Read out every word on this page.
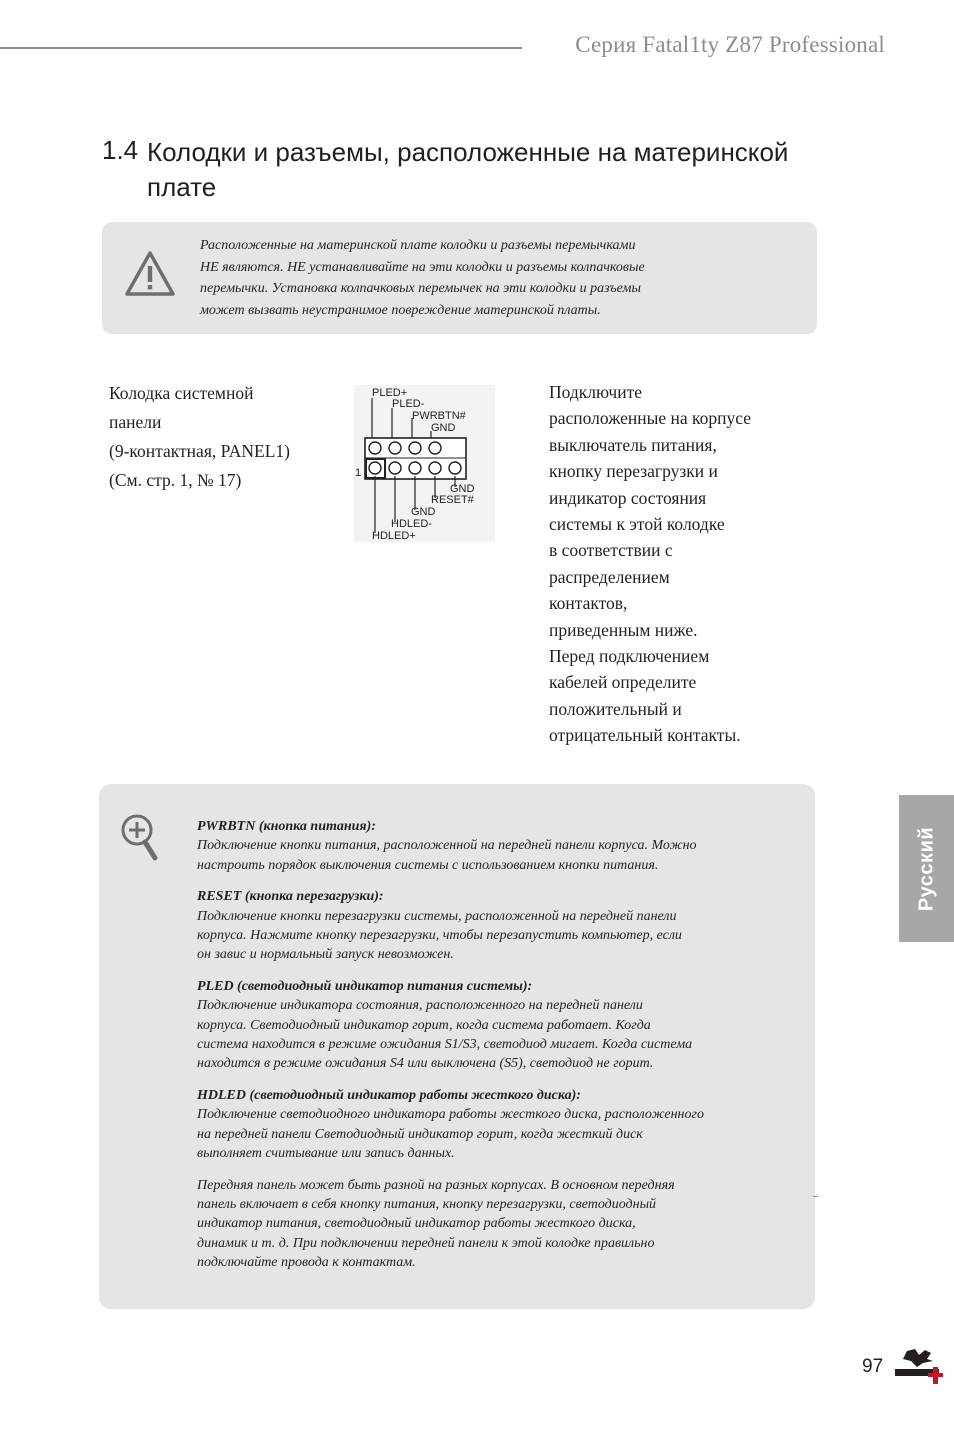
Серия Fatal1ty Z87 Professional
1.4 Колодки и разъемы, расположенные на материнской плате
Расположенные на материнской плате колодки и разъемы перемычками
НЕ являются. НЕ устанавливайте на эти колодки и разъемы колпачковые
перемычки. Установка колпачковых перемычек на эти колодки и разъемы
может вызвать неустранимое повреждение материнской платы.
Колодка системной
панели
(9-контактная, PANEL1)
(См. стр. 1, № 17)
PLED+
PLED-
PWRBTN#
GND
GND
RESET#
GND
HDLED-
HDLED+
1
Подключите
расположенные на корпусе
выключатель питания,
кнопку перезагрузки и
индикатор состояния
системы к этой колодке
в соответствии с
распределением
контактов,
приведенным ниже.
Перед подключением
кабелей определите
положительный и
отрицательный контакты.
Русский
PWRBTN (кнопка питания):
Подключение кнопки питания, расположенной на передней панели корпуса. Можно
настроить порядок выключения системы с использованием кнопки питания.
RESET (кнопка перезагрузки):
Подключение кнопки перезагрузки системы, расположенной на передней панели
корпуса. Нажмите кнопку перезагрузки, чтобы перезапустить компьютер, если
он завис и нормальный запуск невозможен.
PLED (светодиодный индикатор питания системы):
Подключение индикатора состояния, расположенного на передней панели
корпуса. Светодиодный индикатор горит, когда система работает. Когда
система находится в режиме ожидания S1/S3, светодиод мигает. Когда система
находится в режиме ожидания S4 или выключена (S5), светодиод не горит.
HDLED (светодиодный индикатор работы жесткого диска):
Подключение светодиодного индикатора работы жесткого диска, расположенного
на передней панели Светодиодный индикатор горит, когда жесткий диск
выполняет считывание или запись данных.
Передняя панель может быть разной на разных корпусах. В основном передняя
панель включает в себя кнопку питания, кнопку перезагрузки, светодиодный
индикатор питания, светодиодный индикатор работы жесткого диска,
динамик и т. д. При подключении передней панели к этой колодке правильно
подключайте провода к контактам.
97
